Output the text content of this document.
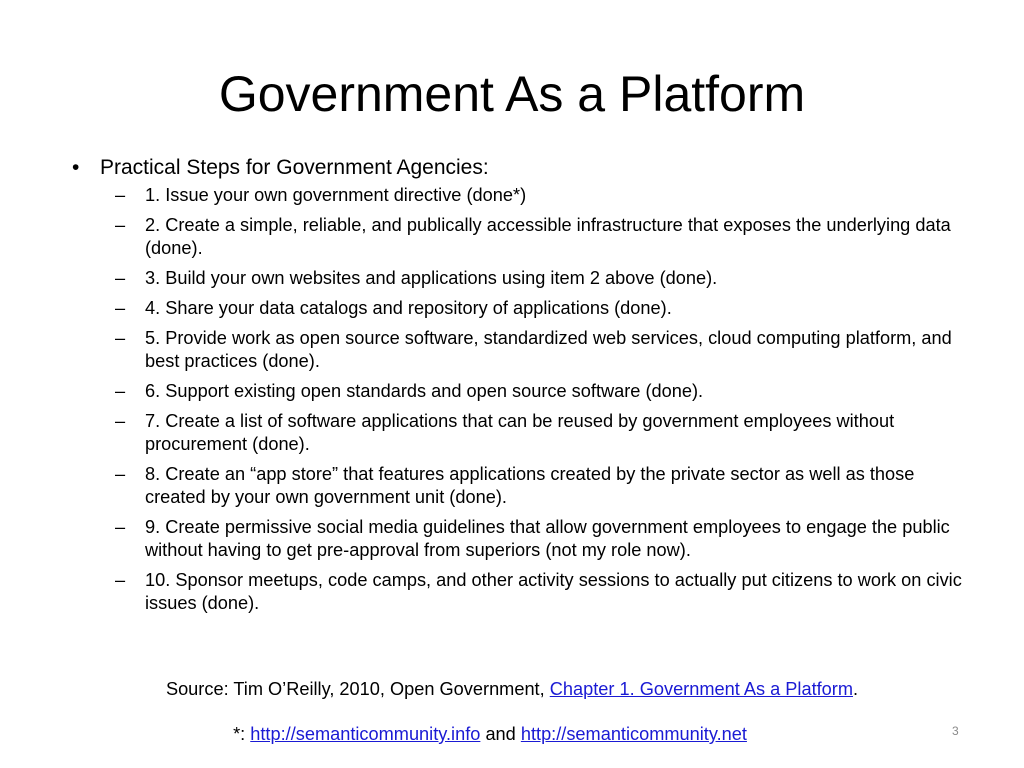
Government As a Platform
• Practical Steps for Government Agencies:
– 1. Issue your own government directive (done*)
– 2. Create a simple, reliable, and publically accessible infrastructure that exposes the underlying data (done).
– 3. Build your own websites and applications using item 2 above (done).
– 4. Share your data catalogs and repository of applications (done).
– 5. Provide work as open source software, standardized web services, cloud computing platform, and best practices (done).
– 6. Support existing open standards and open source software (done).
– 7. Create a list of software applications that can be reused by government employees without procurement (done).
– 8. Create an “app store” that features applications created by the private sector as well as those created by your own government unit (done).
– 9. Create permissive social media guidelines that allow government employees to engage the public without having to get pre-approval from superiors (not my role now).
– 10. Sponsor meetups, code camps, and other activity sessions to actually put citizens to work on civic issues (done).
Source: Tim O’Reilly, 2010, Open Government, Chapter 1. Government As a Platform.
*: http://semanticommunity.info and http://semanticommunity.net	3
